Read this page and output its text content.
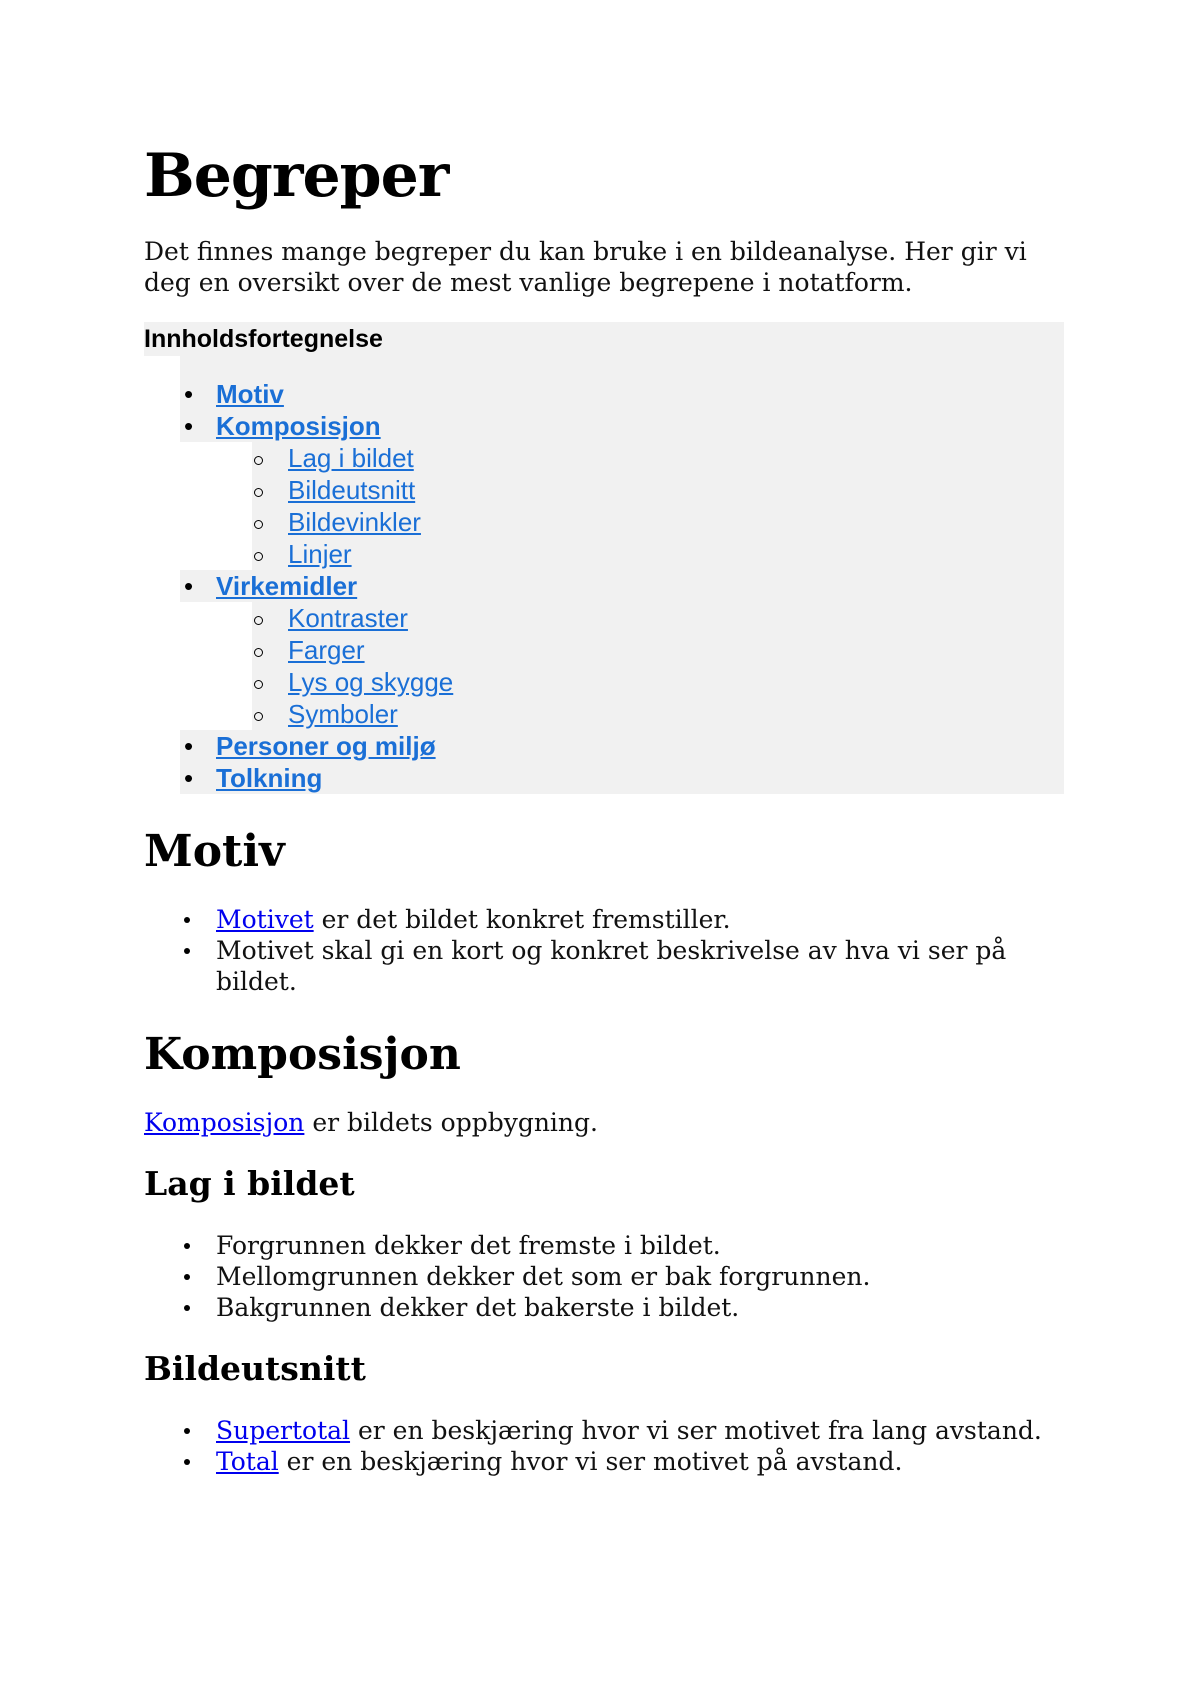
Begreper

Det finnes mange begreper du kan bruke i en bildeanalyse. Her gir vi deg en oversikt over de mest vanlige begrepene i notatform.

Innholdsfortegnelse
• Motiv
• Komposisjon
Lag i bildet
Bildeutsnitt
Bildevinkler
Linjer
• Virkemidler
Kontraster
Farger
Lys og skygge
Symboler
• Personer og miljø
• Tolkning
Motiv
Motivet er det bildet konkret fremstiller.
Motivet skal gi en kort og konkret beskrivelse av hva vi ser på bildet.
Komposisjon

Komposisjon er bildets oppbygning.

Lag i bildet
Forgrunnen dekker det fremste i bildet.
Mellomgrunnen dekker det som er bak forgrunnen.
Bakgrunnen dekker det bakerste i bildet.
Bildeutsnitt
Supertotal er en beskjæring hvor vi ser motivet fra lang avstand.
Total er en beskjæring hvor vi ser motivet på avstand.
